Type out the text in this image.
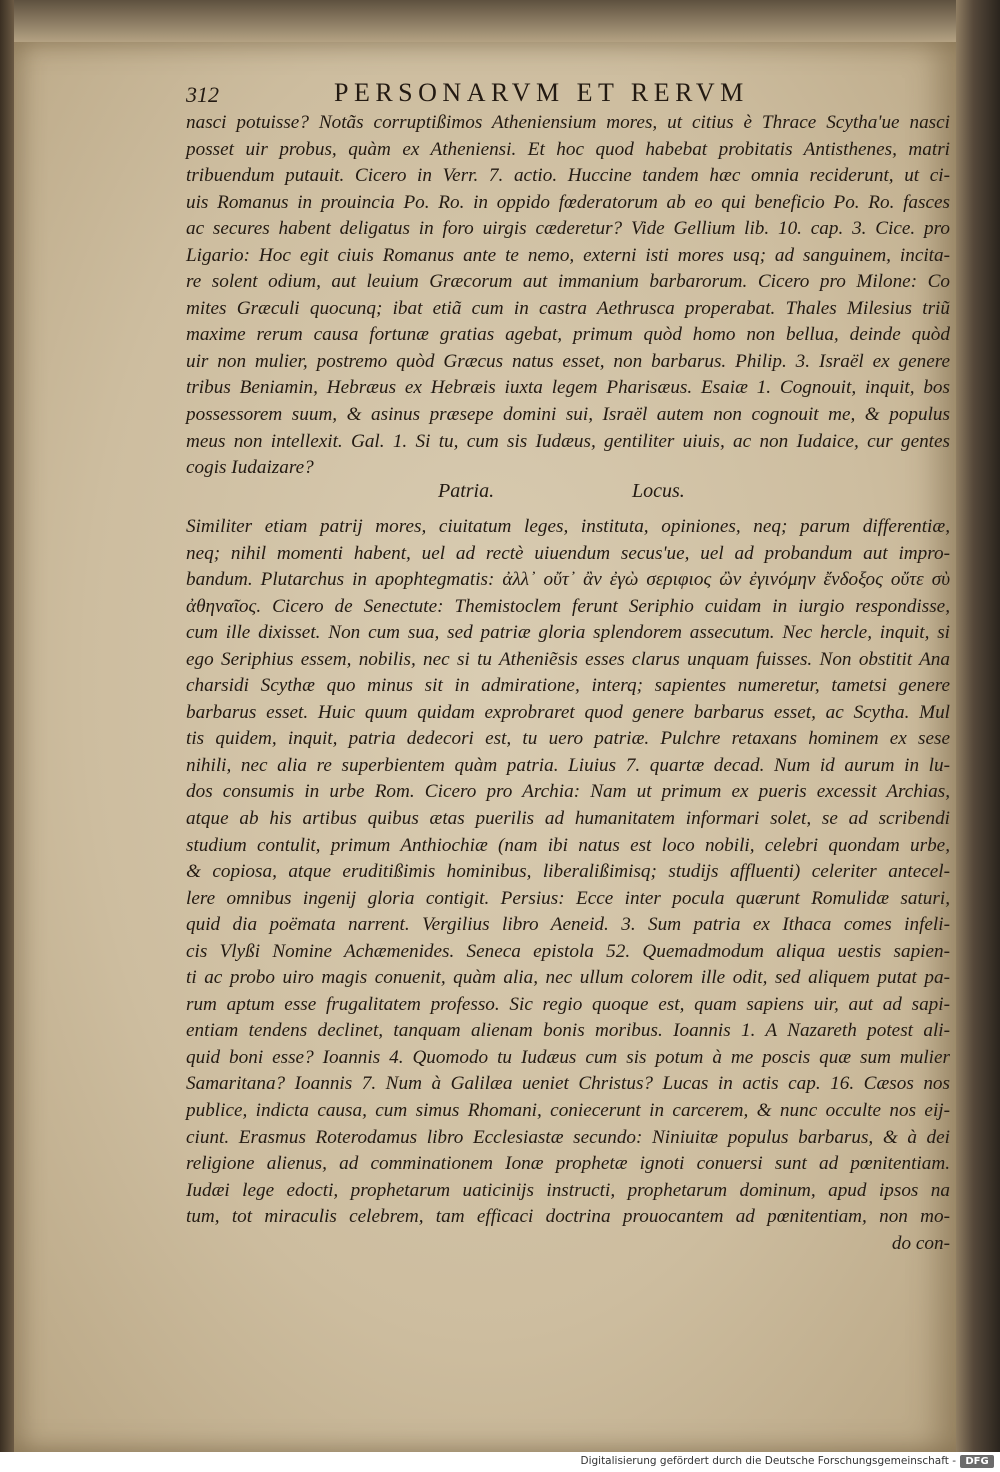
312	PERSONARVM ET RERVM
nasci potuisse? Notãs corruptißimos Atheniensium mores, ut citius è Thrace Scytha'ue nasci
posset uir probus, quàm ex Atheniensi. Et hoc quod habebat probitatis Antisthenes, matri
tribuendum putauit. Cicero in Verr. 7. actio. Huccine tandem hæc omnia reciderunt, ut ci-
uis Romanus in prouincia Po. Ro. in oppido fœderatorum ab eo qui beneficio Po. Ro. fasces
ac secures habent deligatus in foro uirgis cæderetur? Vide Gellium lib. 10. cap. 3. Cice. pro
Ligario: Hoc egit ciuis Romanus ante te nemo, externi isti mores usq; ad sanguinem, incita-
re solent odium, aut leuium Græcorum aut immanium barbarorum. Cicero pro Milone: Co
mites Græculi quocunq; ibat etiã cum in castra Aethrusca properabat. Thales Milesius triũ
maxime rerum causa fortunæ gratias agebat, primum quòd homo non bellua, deinde quòd
uir non mulier, postremo quòd Græcus natus esset, non barbarus. Philip. 3. Israël ex genere
tribus Beniamin, Hebræus ex Hebræis iuxta legem Pharisæus. Esaiæ 1. Cognouit, inquit, bos
possessorem suum, & asinus præsepe domini sui, Israël autem non cognouit me, & populus
meus non intellexit. Gal. 1. Si tu, cum sis Iudæus, gentiliter uiuis, ac non Iudaice, cur gentes
cogis Iudaizare?
Patria.	Locus.
Similiter etiam patrij mores, ciuitatum leges, instituta, opiniones, neq; parum differentiæ,
neq; nihil momenti habent, uel ad rectè uiuendum secus'ue, uel ad probandum aut impro-
bandum. Plutarchus in apophtegmatis: ἀλλ᾽ οὔτ᾽ ἂν ἐγὼ σεριφιος ὢν ἐγινόμην ἔνδοξος οὔτε σὺ
ἀθηναῖος. Cicero de Senectute: Themistoclem ferunt Seriphio cuidam in iurgio respondisse,
cum ille dixisset. Non cum sua, sed patriæ gloria splendorem assecutum. Nec hercle, inquit, si
ego Seriphius essem, nobilis, nec si tu Atheniẽsis esses clarus unquam fuisses. Non obstitit Ana
charsidi Scythæ quo minus sit in admiratione, interq; sapientes numeretur, tametsi genere
barbarus esset. Huic quum quidam exprobraret quod genere barbarus esset, ac Scytha. Mul
tis quidem, inquit, patria dedecori est, tu uero patriæ. Pulchre retaxans hominem ex sese
nihili, nec alia re superbientem quàm patria. Liuius 7. quartæ decad. Num id aurum in lu-
dos consumis in urbe Rom. Cicero pro Archia: Nam ut primum ex pueris excessit Archias,
atque ab his artibus quibus ætas puerilis ad humanitatem informari solet, se ad scribendi
studium contulit, primum Anthiochiæ (nam ibi natus est loco nobili, celebri quondam urbe,
& copiosa, atque eruditißimis hominibus, liberalißimisq; studijs affluenti) celeriter antecel-
lere omnibus ingenij gloria contigit. Persius: Ecce inter pocula quærunt Romulidæ saturi,
quid dia poëmata narrent. Vergilius libro Aeneid. 3. Sum patria ex Ithaca comes infeli-
cis Vlyßi Nomine Achæmenides. Seneca epistola 52. Quemadmodum aliqua uestis sapien-
ti ac probo uiro magis conuenit, quàm alia, nec ullum colorem ille odit, sed aliquem putat pa-
rum aptum esse frugalitatem professo. Sic regio quoque est, quam sapiens uir, aut ad sapi-
entiam tendens declinet, tanquam alienam bonis moribus. Ioannis 1. A Nazareth potest ali-
quid boni esse? Ioannis 4. Quomodo tu Iudæus cum sis potum à me poscis quæ sum mulier
Samaritana? Ioannis 7. Num à Galilæa ueniet Christus? Lucas in actis cap. 16. Cæsos nos
publice, indicta causa, cum simus Rhomani, coniecerunt in carcerem, & nunc occulte nos eij-
ciunt. Erasmus Roterodamus libro Ecclesiastæ secundo: Niniuitæ populus barbarus, & à dei
religione alienus, ad comminationem Ionæ prophetæ ignoti conuersi sunt ad pœnitentiam.
Iudæi lege edocti, prophetarum uaticinijs instructi, prophetarum dominum, apud ipsos na
tum, tot miraculis celebrem, tam efficaci doctrina prouocantem ad pœnitentiam, non mo-
do con-
Digitalisierung gefördert durch die Deutsche Forschungsgemeinschaft - DFG
